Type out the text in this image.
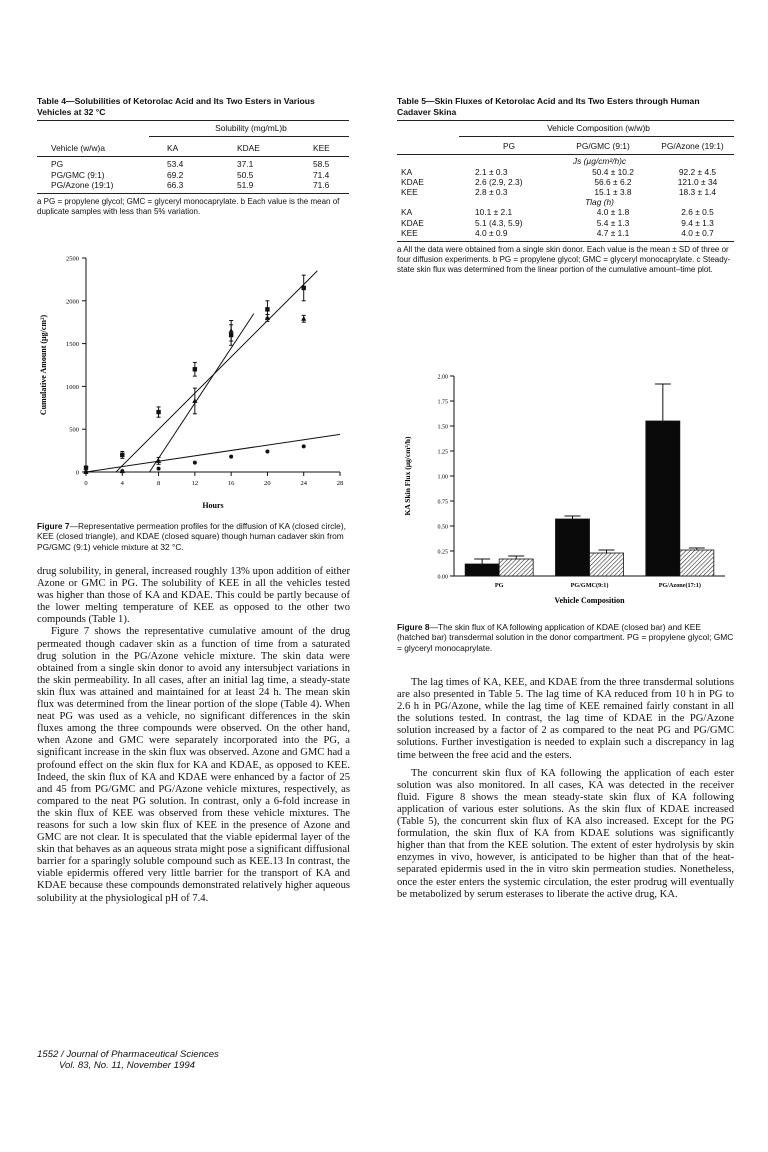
Table 4—Solubilities of Ketorolac Acid and Its Two Esters in Various Vehicles at 32 °C
	Solubility (mg/mL)b
Vehicle (w/w)a	KA	KDAE	KEE
PG	53.4	37.1	58.5
PG/GMC (9:1)	69.2	50.5	71.4
PG/Azone (19:1)	66.3	51.9	71.6
a PG = propylene glycol; GMC = glyceryl monocaprylate. b Each value is the mean of duplicate samples with less than 5% variation.
0
500
1000
1500
2000
2500
0	4	8	12	16	20	24	28
Hours
Cumulative Amount (µg/cm²)
Figure 7—Representative permeation profiles for the diffusion of KA (closed circle), KEE (closed triangle), and KDAE (closed square) though human cadaver skin from PG/GMC (9:1) vehicle mixture at 32 °C.

drug solubility, in general, increased roughly 13% upon addition of either Azone or GMC in PG. The solubility of KEE in all the vehicles tested was higher than those of KA and KDAE. This could be partly because of the lower melting temperature of KEE as opposed to the other two compounds (Table 1).

Figure 7 shows the representative cumulative amount of the drug permeated though cadaver skin as a function of time from a saturated drug solution in the PG/Azone vehicle mixture. The skin data were obtained from a single skin donor to avoid any intersubject variations in the skin permeability. In all cases, after an initial lag time, a steady-state skin flux was attained and maintained for at least 24 h. The mean skin flux was determined from the linear portion of the slope (Table 4). When neat PG was used as a vehicle, no significant differences in the skin fluxes among the three compounds were observed. On the other hand, when Azone and GMC were separately incorporated into the PG, a significant increase in the skin flux was observed. Azone and GMC had a profound effect on the skin flux for KA and KDAE, as opposed to KEE. Indeed, the skin flux of KA and KDAE were enhanced by a factor of 25 and 45 from PG/GMC and PG/Azone vehicle mixtures, respectively, as compared to the neat PG solution. In contrast, only a 6-fold increase in the skin flux of KEE was observed from these vehicle mixtures. The reasons for such a low skin flux of KEE in the presence of Azone and GMC are not clear. It is speculated that the viable epidermal layer of the skin that behaves as an aqueous strata might pose a significant diffusional barrier for a sparingly soluble compound such as KEE.13 In contrast, the viable epidermis offered very little barrier for the transport of KA and KDAE because these compounds demonstrated relatively higher aqueous solubility at the physiological pH of 7.4.

1552 / Journal of Pharmaceutical Sciences
Vol. 83, No. 11, November 1994
Table 5—Skin Fluxes of Ketorolac Acid and Its Two Esters through Human Cadaver Skina
	Vehicle Composition (w/w)b
	PG	PG/GMC (9:1)	PG/Azone (19:1)
	Js (µg/cm²/h)c		
KA	2.1 ± 0.3	50.4 ± 10.2	92.2 ± 4.5
KDAE	2.6 (2.9, 2.3)	56.6 ± 6.2	121.0 ± 34
KEE	2.8 ± 0.3	15.1 ± 3.8	18.3 ± 1.4
	Tlag (h)		
KA	10.1 ± 2.1	4.0 ± 1.8	2.6 ± 0.5
KDAE	5.1 (4.3, 5.9)	5.4 ± 1.3	9.4 ± 1.3
KEE	4.0 ± 0.9	4.7 ± 1.1	4.0 ± 0.7
a All the data were obtained from a single skin donor. Each value is the mean ± SD of three or four diffusion experiments. b PG = propylene glycol; GMC = glyceryl monocaprylate. c Steady-state skin flux was determined from the linear portion of the cumulative amount–time plot.
0.00
0.25
0.50
0.75
1.00
1.25
1.50
1.75
2.00
KA Skin Flux (µg/cm²/h)
Vehicle Composition
PG	PG/GMC(9:1)	PG/Azone(17:1)
Figure 8—The skin flux of KA following application of KDAE (closed bar) and KEE (hatched bar) transdermal solution in the donor compartment. PG = propylene glycol; GMC = glyceryl monocaprylate.

The lag times of KA, KEE, and KDAE from the three transdermal solutions are also presented in Table 5. The lag time of KA reduced from 10 h in PG to 2.6 h in PG/Azone, while the lag time of KEE remained fairly constant in all the solutions tested. In contrast, the lag time of KDAE in the PG/Azone solution increased by a factor of 2 as compared to the neat PG and PG/GMC solutions. Further investigation is needed to explain such a discrepancy in lag time between the free acid and the esters.

The concurrent skin flux of KA following the application of each ester solution was also monitored. In all cases, KA was detected in the receiver fluid. Figure 8 shows the mean steady-state skin flux of KA following application of various ester solutions. As the skin flux of KDAE increased (Table 5), the concurrent skin flux of KA also increased. Except for the PG formulation, the skin flux of KA from KDAE solutions was significantly higher than that from the KEE solution. The extent of ester hydrolysis by skin enzymes in vivo, however, is anticipated to be higher than that of the heat-separated epidermis used in the in vitro skin permeation studies. Nonetheless, once the ester enters the systemic circulation, the ester prodrug will eventually be metabolized by serum esterases to liberate the active drug, KA.
